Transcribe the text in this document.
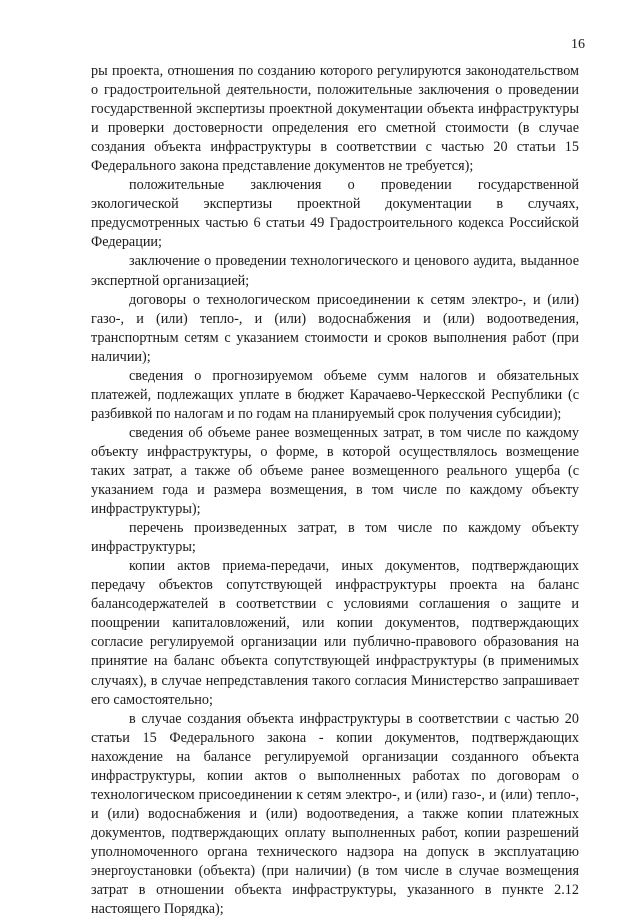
16

ры проекта, отношения по созданию которого регулируются законодательством о градостроительной деятельности, положительные заключения о проведении государственной экспертизы проектной документации объекта инфраструктуры и проверки достоверности определения его сметной стоимости (в случае создания объекта инфраструктуры в соответствии с частью 20 статьи 15 Федерального закона представление документов не требуется);

положительные заключения о проведении государственной экологической экспертизы проектной документации в случаях, предусмотренных частью 6 статьи 49 Градостроительного кодекса Российской Федерации;

заключение о проведении технологического и ценового аудита, выданное экспертной организацией;

договоры о технологическом присоединении к сетям электро-, и (или) газо-, и (или) тепло-, и (или) водоснабжения и (или) водоотведения, транспортным сетям с указанием стоимости и сроков выполнения работ (при наличии);

сведения о прогнозируемом объеме сумм налогов и обязательных платежей, подлежащих уплате в бюджет Карачаево-Черкесской Республики (с разбивкой по налогам и по годам на планируемый срок получения субсидии);

сведения об объеме ранее возмещенных затрат, в том числе по каждому объекту инфраструктуры, о форме, в которой осуществлялось возмещение таких затрат, а также об объеме ранее возмещенного реального ущерба (с указанием года и размера возмещения, в том числе по каждому объекту инфраструктуры);

перечень произведенных затрат, в том числе по каждому объекту инфраструктуры;

копии актов приема-передачи, иных документов, подтверждающих передачу объектов сопутствующей инфраструктуры проекта на баланс балансодержателей в соответствии с условиями соглашения о защите и поощрении капиталовложений, или копии документов, подтверждающих согласие регулируемой организации или публично-правового образования на принятие на баланс объекта сопутствующей инфраструктуры (в применимых случаях), в случае непредставления такого согласия Министерство запрашивает его самостоятельно;

в случае создания объекта инфраструктуры в соответствии с частью 20 статьи 15 Федерального закона - копии документов, подтверждающих нахождение на балансе регулируемой организации созданного объекта инфраструктуры, копии актов о выполненных работах по договорам о технологическом присоединении к сетям электро-, и (или) газо-, и (или) тепло-, и (или) водоснабжения и (или) водоотведения, а также копии платежных документов, подтверждающих оплату выполненных работ, копии разрешений уполномоченного органа технического надзора на допуск в эксплуатацию энергоустановки (объекта) (при наличии) (в том числе в случае возмещения затрат в отношении объекта инфраструктуры, указанного в пункте 2.12 настоящего Порядка);
